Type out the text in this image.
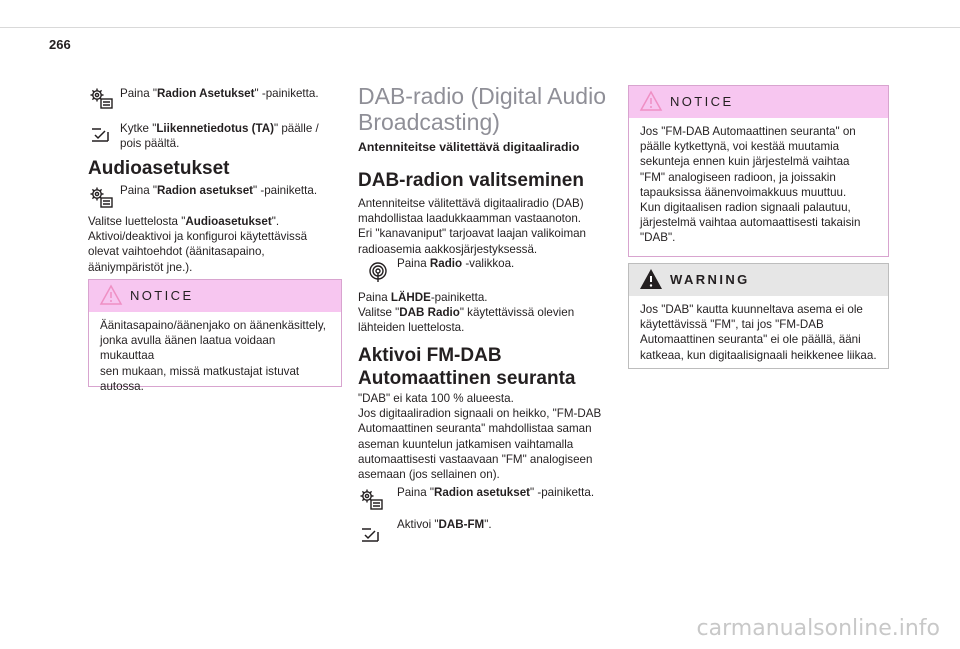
266
Paina "Radion Asetukset" -painiketta.
Kytke "Liikennetiedotus (TA)" päälle /
pois päältä.
Audioasetukset
Paina "Radion asetukset" -painiketta.
Valitse luettelosta "Audioasetukset".
Aktivoi/deaktivoi ja konfiguroi käytettävissä
olevat vaihtoehdot (äänitasapaino,
ääniympäristöt jne.).
NOTICE
Äänitasapaino/äänenjako on äänenkäsittely,
jonka avulla äänen laatua voidaan mukauttaa
sen mukaan, missä matkustajat istuvat
autossa.
DAB-radio (Digital Audio
Broadcasting)
Antenniteitse välitettävä digitaaliradio
DAB-radion valitseminen
Antenniteitse välitettävä digitaaliradio (DAB)
mahdollistaa laadukkaamman vastaanoton.
Eri "kanavaniput" tarjoavat laajan valikoiman
radioasemia aakkosjärjestyksessä.
Paina Radio -valikkoa.
Paina LÄHDE-painiketta.
Valitse "DAB Radio" käytettävissä olevien
lähteiden luettelosta.
Aktivoi FM-DAB
Automaattinen seuranta
"DAB" ei kata 100 % alueesta.
Jos digitaaliradion signaali on heikko, "FM-DAB
Automaattinen seuranta" mahdollistaa saman
aseman kuuntelun jatkamisen vaihtamalla
automaattisesti vastaavaan "FM" analogiseen
asemaan (jos sellainen on).
Paina "Radion asetukset" -painiketta.
Aktivoi "DAB-FM".
NOTICE
Jos "FM-DAB Automaattinen seuranta" on
päälle kytkettynä, voi kestää muutamia
sekunteja ennen kuin järjestelmä vaihtaa
"FM" analogiseen radioon, ja joissakin
tapauksissa äänenvoimakkuus muuttuu.
Kun digitaalisen radion signaali palautuu,
järjestelmä vaihtaa automaattisesti takaisin
"DAB".
WARNING
Jos "DAB" kautta kuunneltava asema ei ole
käytettävissä "FM", tai jos "FM-DAB
Automaattinen seuranta" ei ole päällä, ääni
katkeaa, kun digitaalisignaali heikkenee liikaa.
carmanualsonline.info
